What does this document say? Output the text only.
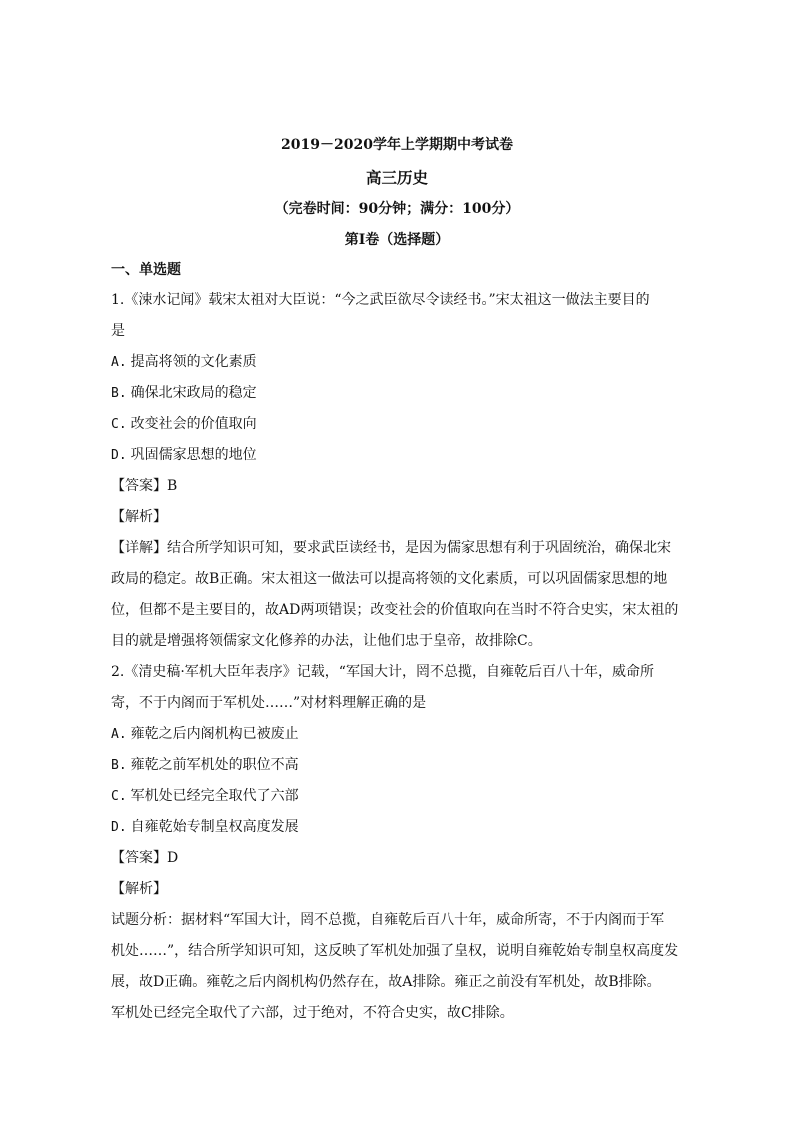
2019－2020学年上学期期中考试卷
高三历史
（完卷时间：90分钟；满分：100分）
第Ⅰ卷（选择题）
一、单选题
1.《涑水记闻》载宋太祖对大臣说：“今之武臣欲尽令读经书。”宋太祖这一做法主要目的
是
A. 提高将领的文化素质
B. 确保北宋政局的稳定
C. 改变社会的价值取向
D. 巩固儒家思想的地位
【答案】B
【解析】
【详解】结合所学知识可知，要求武臣读经书，是因为儒家思想有利于巩固统治，确保北宋
政局的稳定。故B正确。宋太祖这一做法可以提高将领的文化素质，可以巩固儒家思想的地
位，但都不是主要目的，故AD两项错误；改变社会的价值取向在当时不符合史实，宋太祖的
目的就是增强将领儒家文化修养的办法，让他们忠于皇帝，故排除C。
2.《清史稿·军机大臣年表序》记载，“军国大计，罔不总揽，自雍乾后百八十年，威命所
寄，不于内阁而于军机处……”对材料理解正确的是
A. 雍乾之后内阁机构已被废止
B. 雍乾之前军机处的职位不高
C. 军机处已经完全取代了六部
D. 自雍乾始专制皇权高度发展
【答案】D
【解析】
试题分析：据材料“军国大计，罔不总揽，自雍乾后百八十年，威命所寄，不于内阁而于军
机处……”，结合所学知识可知，这反映了军机处加强了皇权，说明自雍乾始专制皇权高度发
展，故D正确。雍乾之后内阁机构仍然存在，故A排除。雍正之前没有军机处，故B排除。
军机处已经完全取代了六部，过于绝对，不符合史实，故C排除。
